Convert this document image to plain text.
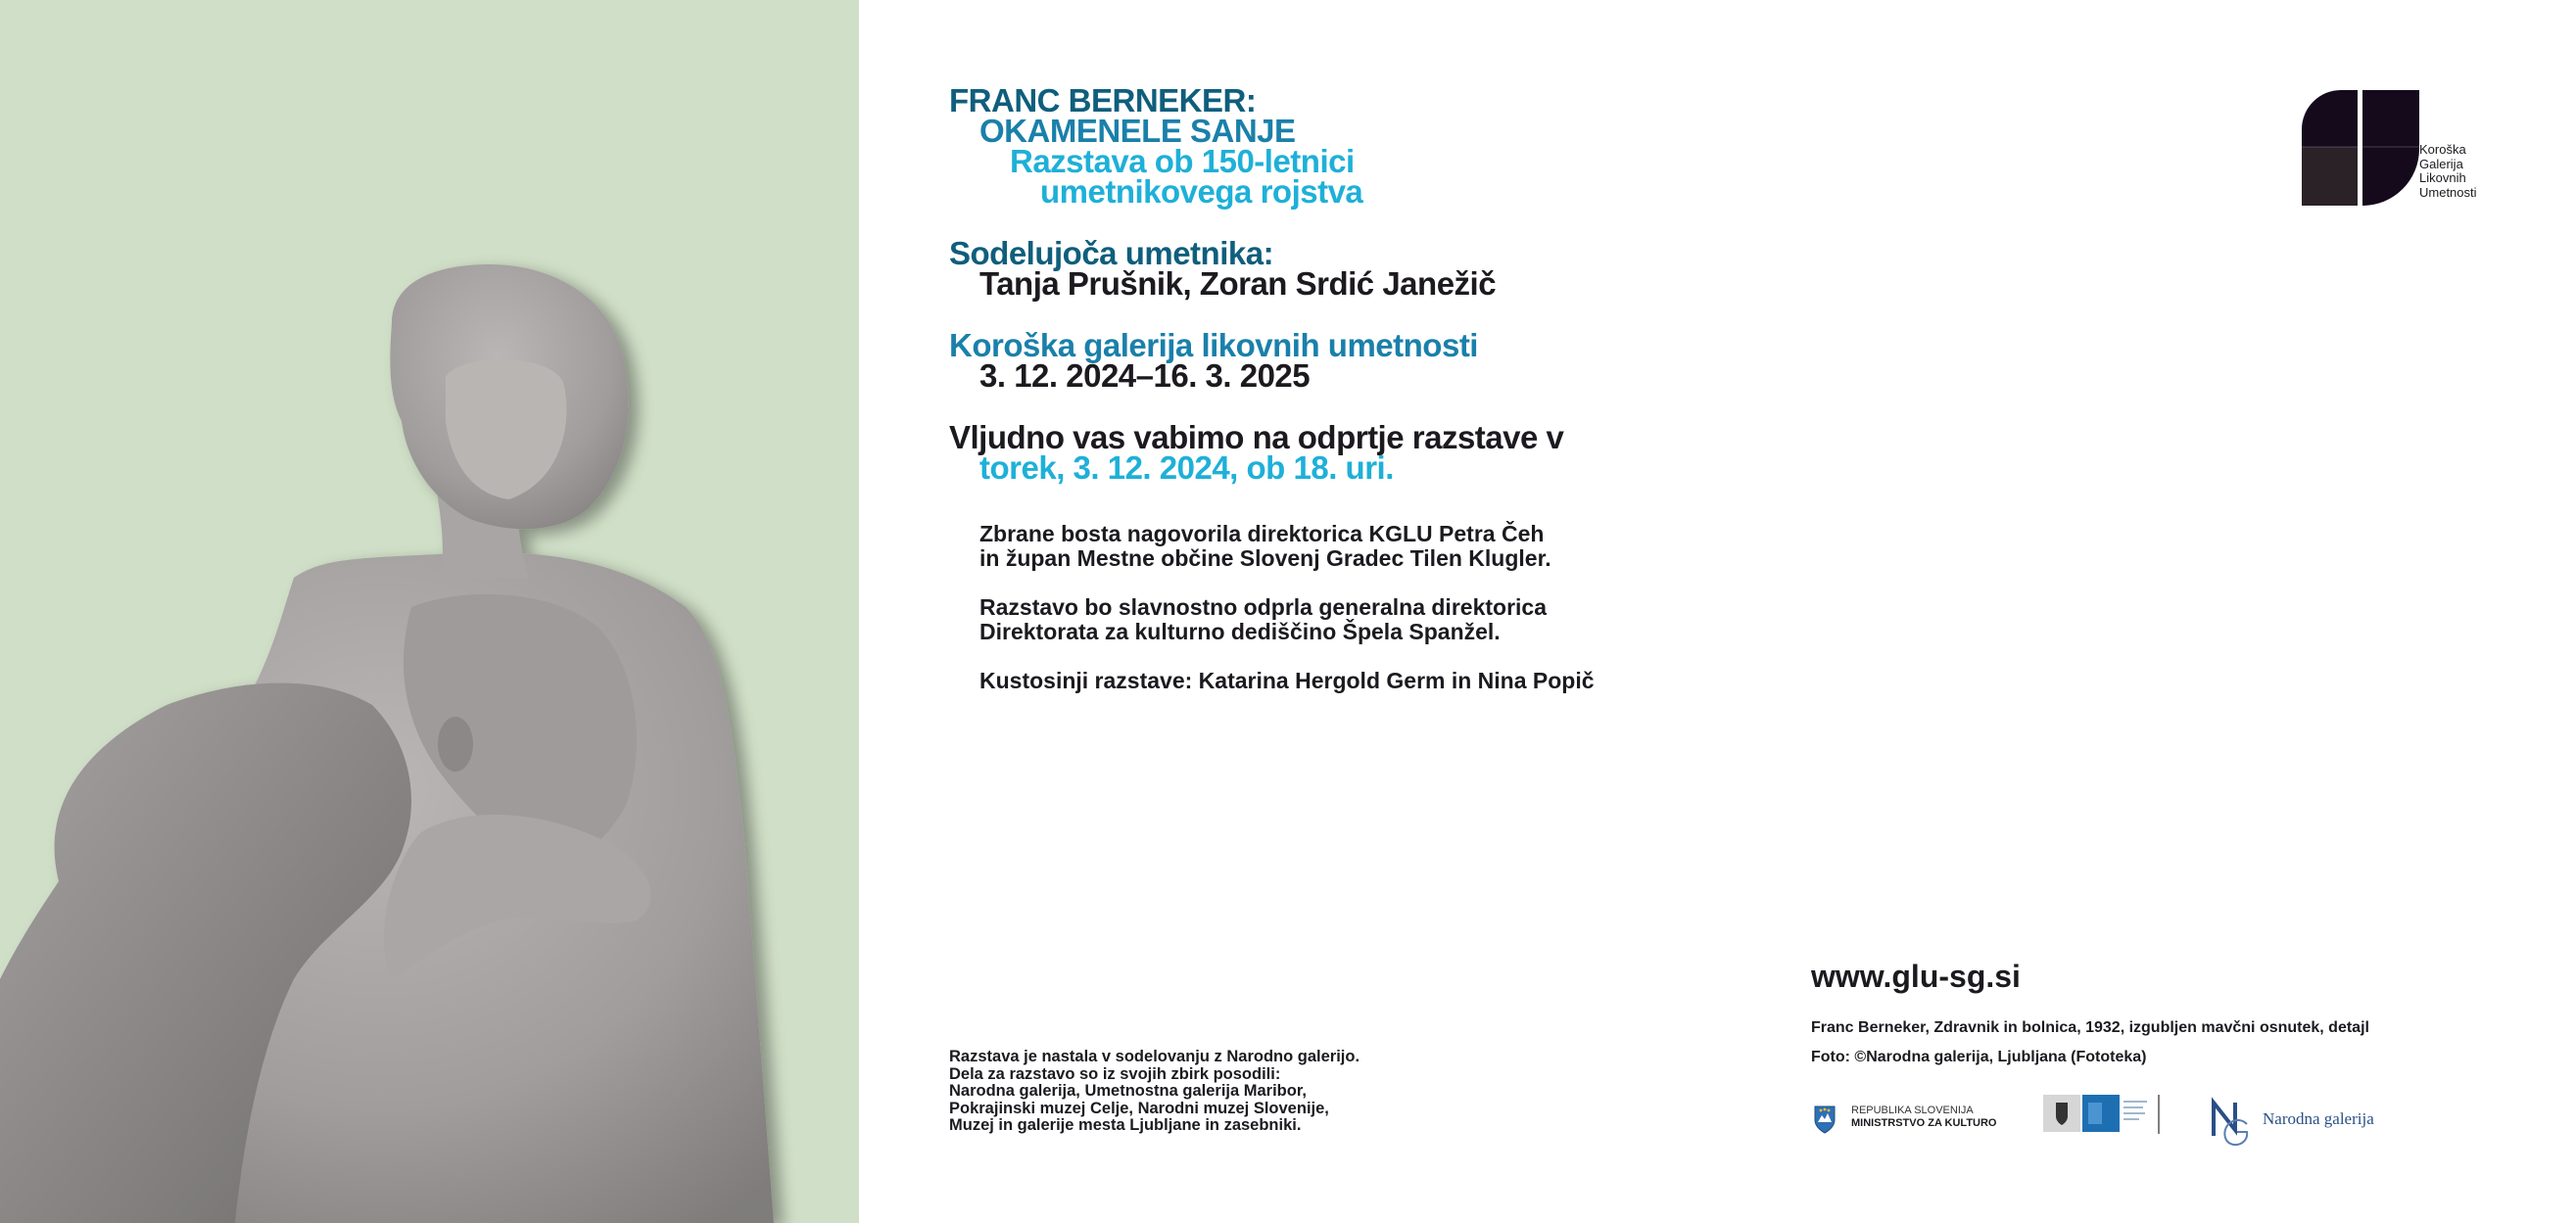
FRANC BERNEKER:
OKAMENELE SANJE
Razstava ob 150-letnici
umetnikovega rojstva
Sodelujoča umetnika:
Tanja Prušnik, Zoran Srdić Janežič
Koroška galerija likovnih umetnosti
3. 12. 2024–16. 3. 2025
Vljudno vas vabimo na odprtje razstave v
torek, 3. 12. 2024, ob 18. uri.
Zbrane bosta nagovorila direktorica KGLU Petra Čeh
in župan Mestne občine Slovenj Gradec Tilen Klugler.
Razstavo bo slavnostno odprla generalna direktorica
Direktorata za kulturno dediščino Špela Spanžel.
Kustosinji razstave: Katarina Hergold Germ in Nina Popič
Razstava je nastala v sodelovanju z Narodno galerijo.
Dela za razstavo so iz svojih zbirk posodili:
Narodna galerija, Umetnostna galerija Maribor,
Pokrajinski muzej Celje, Narodni muzej Slovenije,
Muzej in galerije mesta Ljubljane in zasebniki.
www.glu-sg.si
Franc Berneker, Zdravnik in bolnica, 1932, izgubljen mavčni osnutek, detajl
Foto: ©Narodna galerija, Ljubljana (Fototeka)
Koroška
Galerija
Likovnih
Umetnosti
REPUBLIKA SLOVENIJA
MINISTRSTVO ZA KULTURO	Narodna galerija
